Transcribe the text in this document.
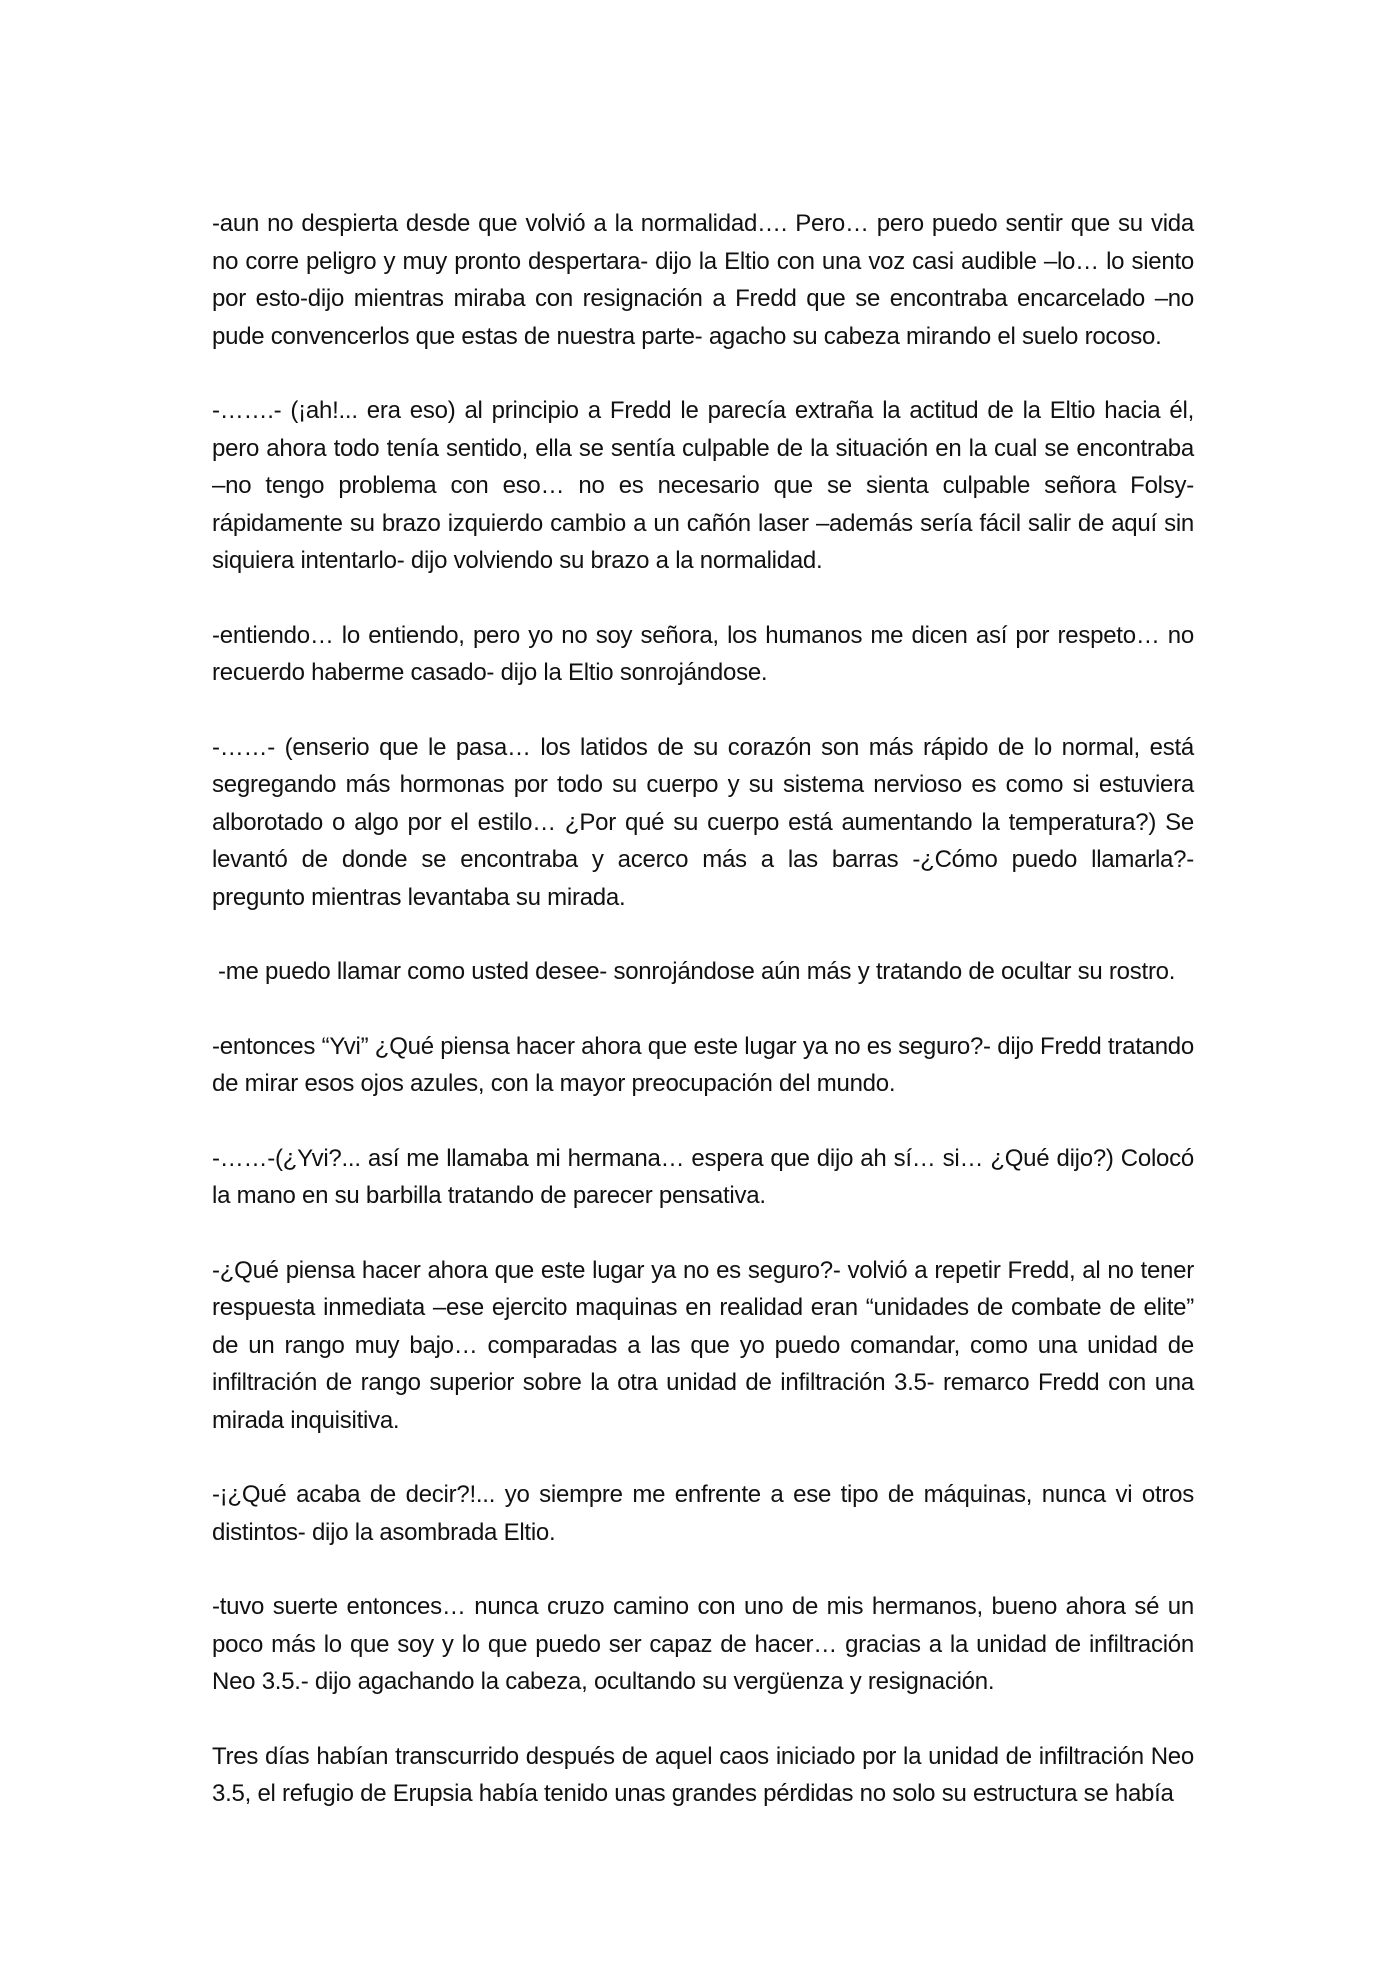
-aun no despierta desde que volvió a la normalidad…. Pero… pero puedo sentir que su vida no corre peligro y muy pronto despertara- dijo la Eltio con una voz casi audible –lo… lo siento por esto-dijo mientras miraba con resignación a Fredd que se encontraba encarcelado –no pude convencerlos que estas de nuestra parte- agacho su cabeza mirando el suelo rocoso.

-…….- (¡ah!... era eso) al principio a Fredd le parecía extraña la actitud de la Eltio hacia él, pero ahora todo tenía sentido, ella se sentía culpable de la situación en la cual se encontraba –no tengo problema con eso… no es necesario que se sienta culpable señora Folsy- rápidamente su brazo izquierdo cambio a un cañón laser –además sería fácil salir de aquí sin siquiera intentarlo- dijo volviendo su brazo a la normalidad.

-entiendo… lo entiendo, pero yo no soy señora, los humanos me dicen así por respeto… no recuerdo haberme casado- dijo la Eltio sonrojándose.

-……- (enserio que le pasa… los latidos de su corazón son más rápido de lo normal, está segregando más hormonas por todo su cuerpo y su sistema nervioso es como si estuviera alborotado o algo por el estilo… ¿Por qué su cuerpo está aumentando la temperatura?) Se levantó de donde se encontraba y acerco más a las barras -¿Cómo puedo llamarla?- pregunto mientras levantaba su mirada.

-me puedo llamar como usted desee- sonrojándose aún más y tratando de ocultar su rostro.

-entonces “Yvi” ¿Qué piensa hacer ahora que este lugar ya no es seguro?- dijo Fredd tratando de mirar esos ojos azules, con la mayor preocupación del mundo.

-……-(¿Yvi?... así me llamaba mi hermana… espera que dijo ah sí… si… ¿Qué dijo?) Colocó la mano en su barbilla tratando de parecer pensativa.

-¿Qué piensa hacer ahora que este lugar ya no es seguro?- volvió a repetir Fredd, al no tener respuesta inmediata –ese ejercito maquinas en realidad eran “unidades de combate de elite” de un rango muy bajo… comparadas a las que yo puedo comandar, como una unidad de infiltración de rango superior sobre la otra unidad de infiltración 3.5- remarco Fredd con una mirada inquisitiva.

-¡¿Qué acaba de decir?!... yo siempre me enfrente a ese tipo de máquinas, nunca vi otros distintos- dijo la asombrada Eltio.

-tuvo suerte entonces… nunca cruzo camino con uno de mis hermanos, bueno ahora sé un poco más lo que soy y lo que puedo ser capaz de hacer… gracias a la unidad de infiltración Neo 3.5.- dijo agachando la cabeza, ocultando su vergüenza y resignación.

Tres días habían transcurrido después de aquel caos iniciado por la unidad de infiltración Neo 3.5, el refugio de Erupsia había tenido unas grandes pérdidas no solo su estructura se había
